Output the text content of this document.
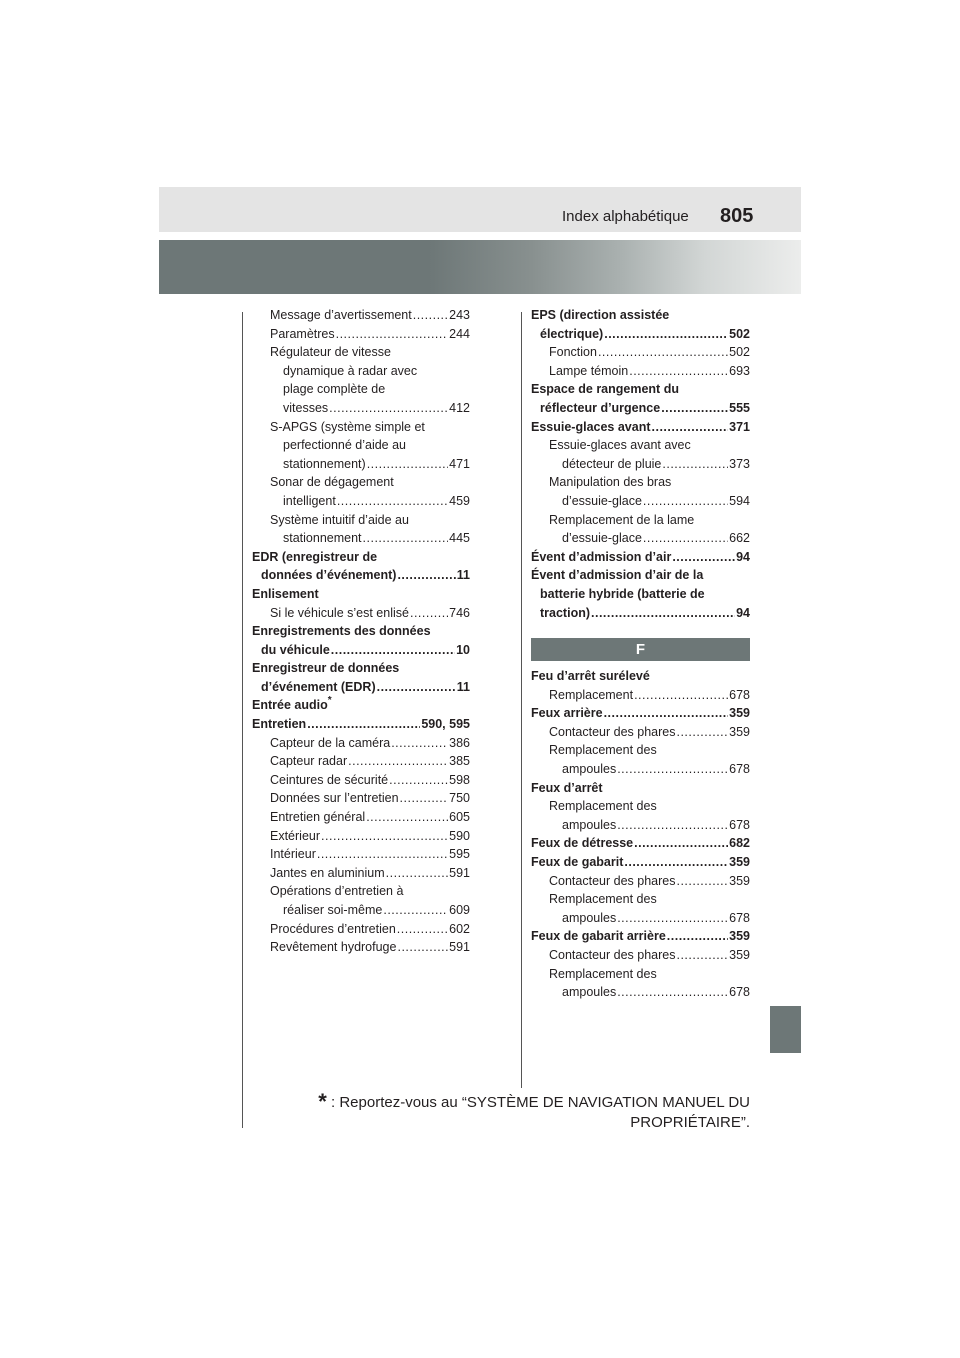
Index alphabétique 805
Message d’avertissement .....	243
Paramètres .....	244
Régulateur de vitesse
dynamique à radar avec
plage complète de
vitesses .....	412
S-APGS (système simple et
perfectionné d’aide au
stationnement) .....	471
Sonar de dégagement
intelligent .....	459
Système intuitif d’aide au
stationnement .....	445
EDR (enregistreur de
données d’événement) .....	11
Enlisement
Si le véhicule s’est enlisé .....	746
Enregistrements des données
du véhicule .....	10
Enregistreur de données
d’événement (EDR) .....	11
Entrée audio*
Entretien .....	590, 595
Capteur de la caméra .....	386
Capteur radar .....	385
Ceintures de sécurité .....	598
Données sur l’entretien .....	750
Entretien général .....	605
Extérieur .....	590
Intérieur .....	595
Jantes en aluminium .....	591
Opérations d’entretien à
réaliser soi-même .....	609
Procédures d’entretien .....	602
Revêtement hydrofuge .....	591
EPS (direction assistée
électrique) .....	502
Fonction .....	502
Lampe témoin .....	693
Espace de rangement du
réflecteur d’urgence .....	555
Essuie-glaces avant .....	371
Essuie-glaces avant avec
détecteur de pluie .....	373
Manipulation des bras
d’essuie-glace .....	594
Remplacement de la lame
d’essuie-glace .....	662
Évent d’admission d’air .....	94
Évent d’admission d’air de la
batterie hybride (batterie de
traction) .....	94
F
Feu d’arrêt surélevé
Remplacement .....	678
Feux arrière .....	359
Contacteur des phares .....	359
Remplacement des
ampoules .....	678
Feux d’arrêt
Remplacement des
ampoules .....	678
Feux de détresse .....	682
Feux de gabarit .....	359
Contacteur des phares .....	359
Remplacement des
ampoules .....	678
Feux de gabarit arrière .....	359
Contacteur des phares .....	359
Remplacement des
ampoules .....	678
* : Reportez-vous au “SYSTÈME DE NAVIGATION MANUEL DU
PROPRIÉTAIRE”.
